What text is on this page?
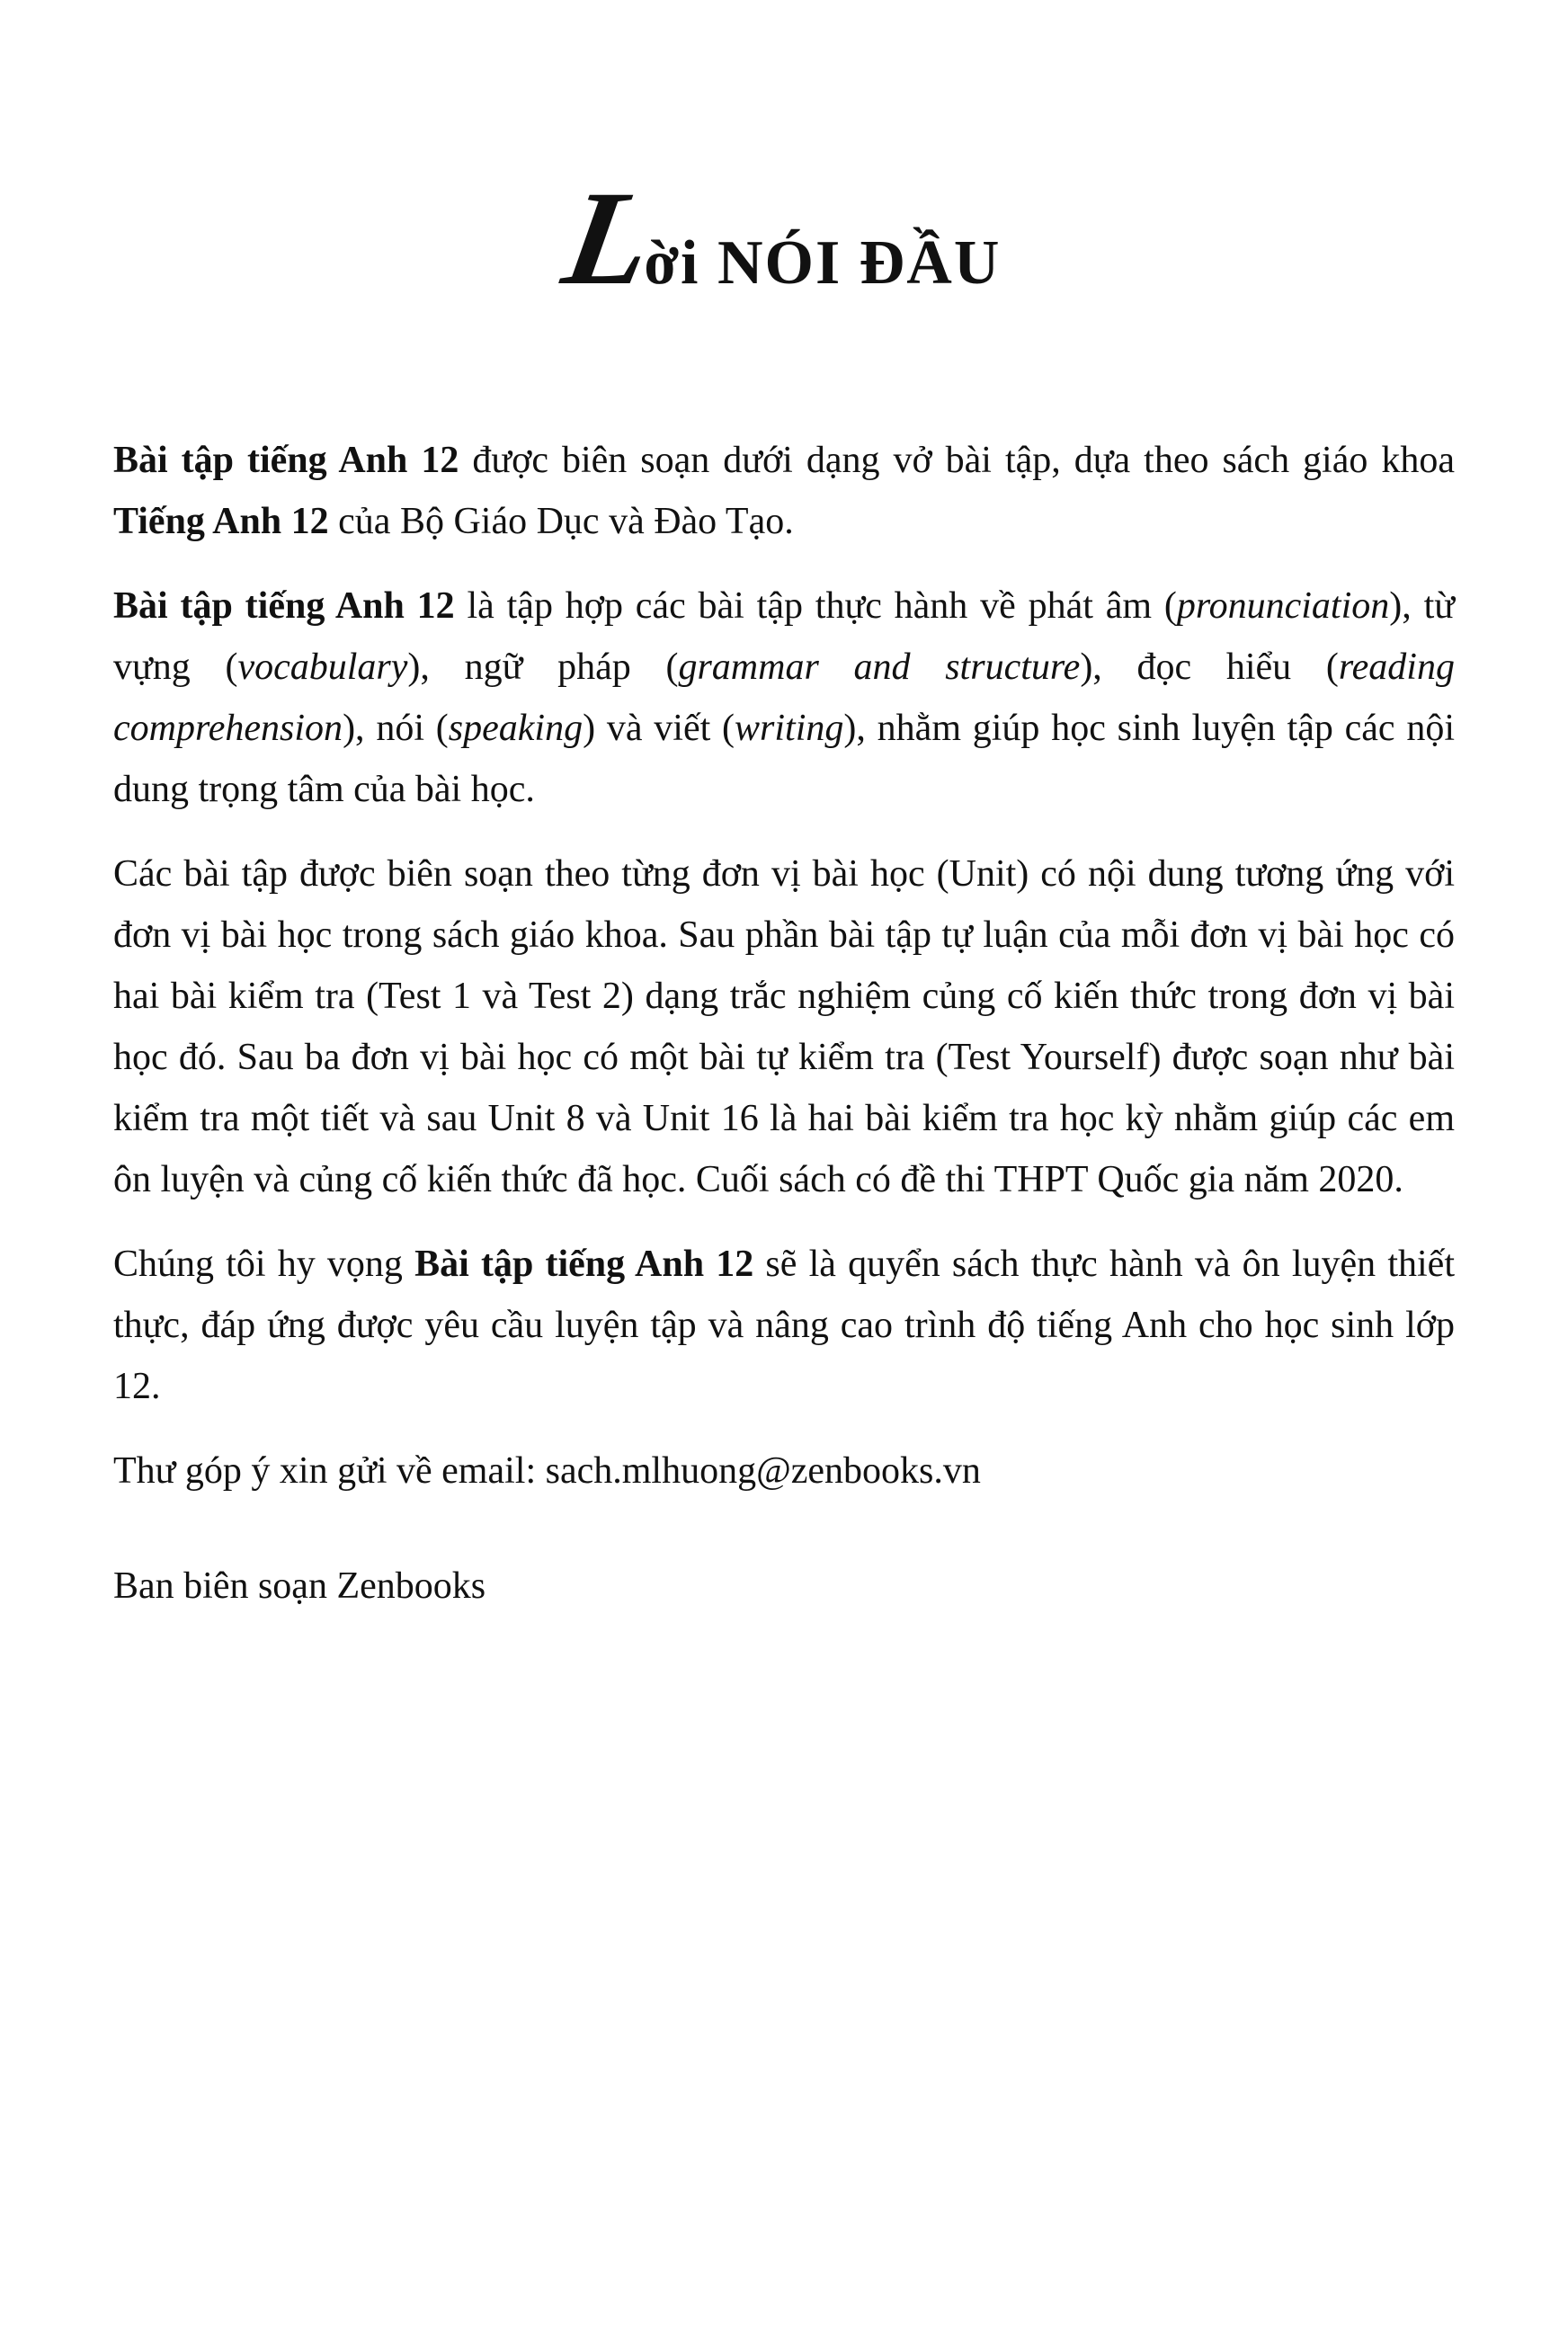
Lời NÓI ĐẦU

Bài tập tiếng Anh 12 được biên soạn dưới dạng vở bài tập, dựa theo sách giáo khoa Tiếng Anh 12 của Bộ Giáo Dục và Đào Tạo.

Bài tập tiếng Anh 12 là tập hợp các bài tập thực hành về phát âm (pronunciation), từ vựng (vocabulary), ngữ pháp (grammar and structure), đọc hiểu (reading comprehension), nói (speaking) và viết (writing), nhằm giúp học sinh luyện tập các nội dung trọng tâm của bài học.

Các bài tập được biên soạn theo từng đơn vị bài học (Unit) có nội dung tương ứng với đơn vị bài học trong sách giáo khoa. Sau phần bài tập tự luận của mỗi đơn vị bài học có hai bài kiểm tra (Test 1 và Test 2) dạng trắc nghiệm củng cố kiến thức trong đơn vị bài học đó. Sau ba đơn vị bài học có một bài tự kiểm tra (Test Yourself) được soạn như bài kiểm tra một tiết và sau Unit 8 và Unit 16 là hai bài kiểm tra học kỳ nhằm giúp các em ôn luyện và củng cố kiến thức đã học. Cuối sách có đề thi THPT Quốc gia năm 2020.

Chúng tôi hy vọng Bài tập tiếng Anh 12 sẽ là quyển sách thực hành và ôn luyện thiết thực, đáp ứng được yêu cầu luyện tập và nâng cao trình độ tiếng Anh cho học sinh lớp 12.

Thư góp ý xin gửi về email: sach.mlhuong@zenbooks.vn

Ban biên soạn Zenbooks
